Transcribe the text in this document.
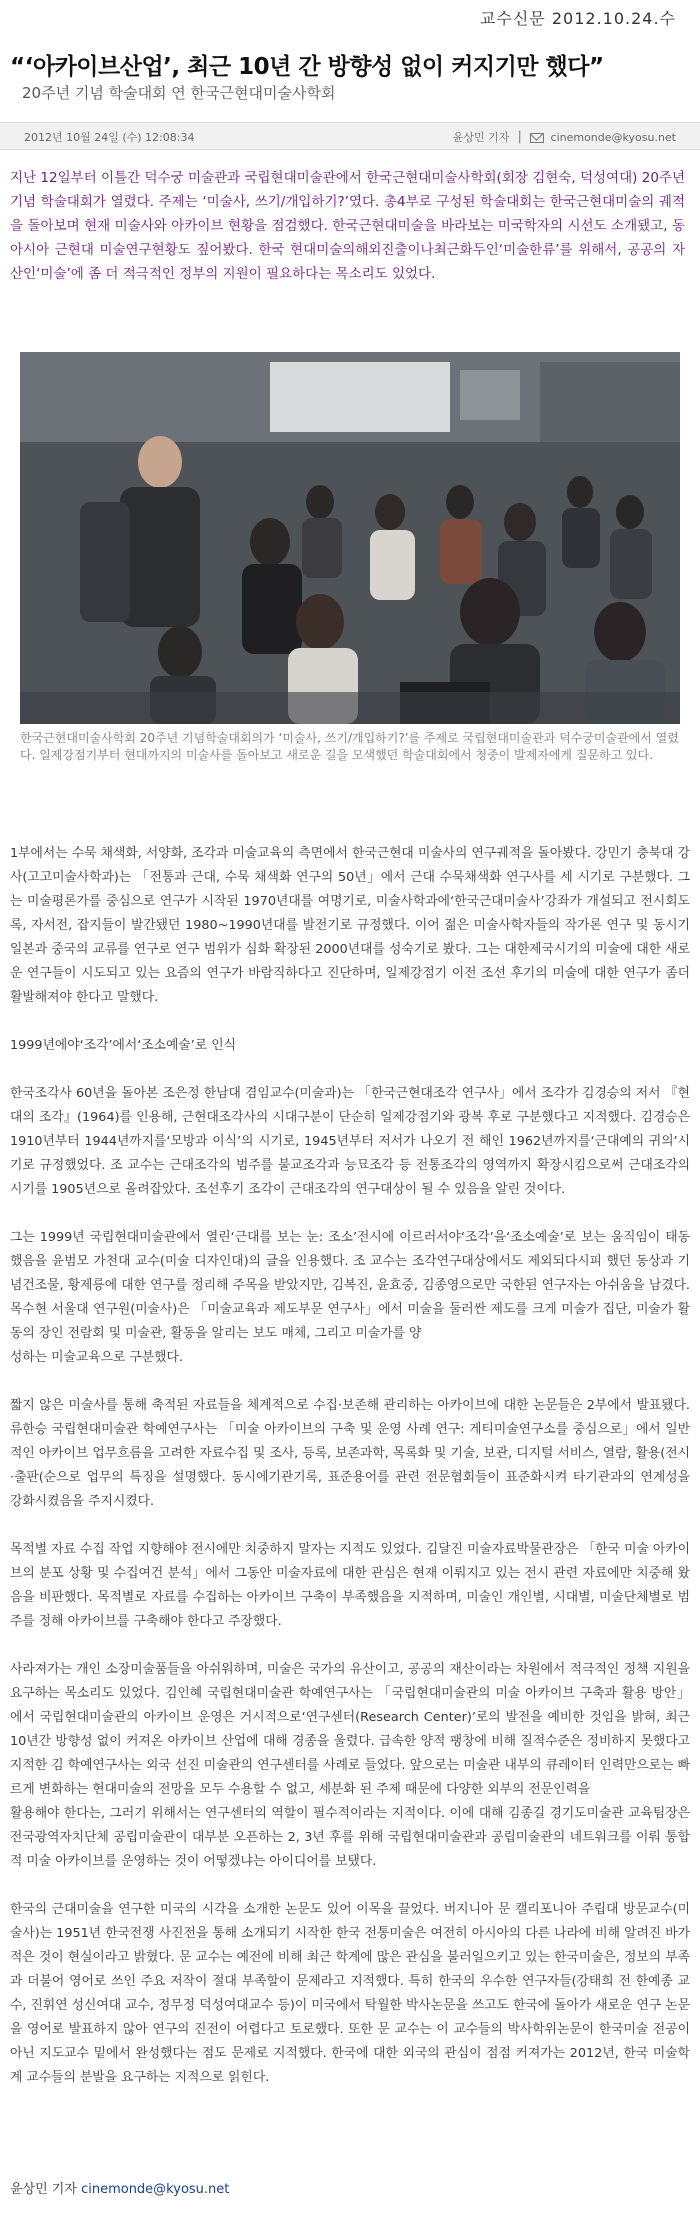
교수신문 2012.10.24.수
“‘아카이브산업’, 최근 10년 간 방향성 없이 커지기만 했다”
20주년 기념 학술대회 연 한국근현대미술사학회
2012년 10월 24일 (수) 12:08:34	윤상민 기자  │   cinemonde@kyosu.net
지난 12일부터 이틀간 덕수궁 미술관과 국립현대미술관에서 한국근현대미술사학회(회장 김현숙, 덕성여대) 20주년 기념 학술대회가 열렸다. 주제는 ‘미술사, 쓰기/개입하기?’였다. 총4부로 구성된 학술대회는 한국근현대미술의 궤적을 돌아보며 현재 미술사와 아카이브 현황을 점검했다. 한국근현대미술을 바라보는 미국학자의 시선도 소개됐고, 동아시아 근현대 미술연구현황도 짚어봤다. 한국 현대미술의해외진출이나최근화두인‘미술한류’를 위해서, 공공의 자산인‘미술’에 좀 더 적극적인 정부의 지원이 필요하다는 목소리도 있었다.
한국근현대미술사학회 20주년 기념학술대회의가 ‘미술사, 쓰기/개입하기?’를 주제로 국립현대미술관과 덕수궁미술관에서 열렸다. 일제강점기부터 현대까지의 미술사를 돌아보고 새로운 길을 모색했던 학술대회에서 청중이 발제자에게 질문하고 있다.

1부에서는 수묵 채색화, 서양화, 조각과 미술교육의 측면에서 한국근현대 미술사의 연구궤적을 돌아봤다. 강민기 충북대 강사(고고미술사학과)는 「전통과 근대, 수묵 채색화 연구의 50년」에서 근대 수묵채색화 연구사를 세 시기로 구분했다. 그는 미술평론가를 중심으로 연구가 시작된 1970년대를 여명기로, 미술사학과에‘한국근대미술사’강좌가 개설되고 전시회도록, 자서전, 잡지들이 발간됐던 1980~1990년대를 발전기로 규정했다. 이어 젊은 미술사학자들의 작가론 연구 및 동시기 일본과 중국의 교류를 연구로 연구 범위가 심화 확장된 2000년대를 성숙기로 봤다. 그는 대한제국시기의 미술에 대한 새로운 연구들이 시도되고 있는 요즘의 연구가 바람직하다고 진단하며, 일제강점기 이전 조선 후기의 미술에 대한 연구가 좀더 활발해져야 한다고 말했다.

1999년에야‘조각’에서‘조소예술’로 인식

한국조각사 60년을 돌아본 조은정 한남대 겸임교수(미술과)는 「한국근현대조각 연구사」에서 조각가 김경승의 저서 『현대의 조각』(1964)를 인용해, 근현대조각사의 시대구분이 단순히 일제강점기와 광복 후로 구분했다고 지적했다. 김경승은 1910년부터 1944년까지를‘모방과 이식’의 시기로, 1945년부터 저서가 나오기 전 해인 1962년까지를‘근대예의 귀의’시기로 규정했었다. 조 교수는 근대조각의 범주를 불교조각과 능묘조각 등 전통조각의 영역까지 확장시킴으로써 근대조각의 시기를 1905년으로 올려잡았다. 조선후기 조각이 근대조각의 연구대상이 될 수 있음을 알린 것이다.

그는 1999년 국립현대미술관에서 열린‘근대를 보는 눈: 조소’전시에 이르러서야‘조각’을‘조소예술’로 보는 움직임이 태동했음을 윤범모 가천대 교수(미술 디자인대)의 글을 인용했다. 조 교수는 조각연구대상에서도 제외되다시피 했던 동상과 기념건조물, 황제릉에 대한 연구를 정리해 주목을 받았지만, 김복진, 윤효중, 김종영으로만 국한된 연구자는 아쉬움을 남겼다. 목수현 서울대 연구원(미술사)은 「미술교육과 제도부문 연구사」에서 미술을 둘러싼 제도를 크게 미술가 집단, 미술가 활동의 장인 전람회 및 미술관, 활동을 알리는 보도 매체, 그리고 미술가를 양
성하는 미술교육으로 구분했다.

짧지 않은 미술사를 통해 축적된 자료들을 체계적으로 수집·보존해 관리하는 아카이브에 대한 논문들은 2부에서 발표됐다. 류한승 국립현대미술관 학예연구사는 「미술 아카이브의 구축 및 운영 사례 연구: 게티미술연구소를 중심으로」에서 일반적인 아카이브 업무흐름을 고려한 자료수집 및 조사, 등록, 보존과학, 목록화 및 기술, 보관, 디지털 서비스, 열람, 활용(전시·출판(순으로 업무의 특징을 설명했다. 동시에기관기록, 표준용어를 관련 전문협회들이 표준화시켜 타기관과의 연계성을 강화시켰음을 주지시켰다.

목적별 자료 수집 작업 지향해야 전시에만 치중하지 말자는 지적도 있었다. 김달진 미술자료박물관장은 「한국 미술 아카이브의 분포 상황 및 수집여건 분석」에서 그동안 미술자료에 대한 관심은 현재 이뤄지고 있는 전시 관련 자료에만 치중해 왔음을 비판했다. 목적별로 자료를 수집하는 아카이브 구축이 부족했음을 지적하며, 미술인 개인별, 시대별, 미술단체별로 범주를 정해 아카이브를 구축해야 한다고 주장했다.

사라져가는 개인 소장미술품들을 아쉬워하며, 미술은 국가의 유산이고, 공공의 재산이라는 차원에서 적극적인 정책 지원을 요구하는 목소리도 있었다. 김인혜 국립현대미술관 학예연구사는 「국립현대미술관의 미술 아카이브 구축과 활용 방안」에서 국립현대미술관의 아카이브 운영은 거시적으로‘연구센터(Research Center)’로의 발전을 예비한 것임을 밝혀, 최근 10년간 방향성 없이 커져온 아카이브 산업에 대해 경종을 울렸다. 급속한 양적 팽창에 비해 질적수준은 정비하지 못했다고 지적한 김 학예연구사는 외국 선진 미술관의 연구센터를 사례로 들었다. 앞으로는 미술관 내부의 큐레이터 인력만으로는 빠르게 변화하는 현대미술의 전망을 모두 수용할 수 없고, 세분화 된 주제 때문에 다양한 외부의 전문인력을
활용해야 한다는, 그러기 위해서는 연구센터의 역할이 필수적이라는 지적이다. 이에 대해 김종길 경기도미술관 교육팀장은 전국광역자치단체 공립미술관이 대부분 오픈하는 2, 3년 후를 위해 국립현대미술관과 공립미술관의 네트워크를 이뤄 통합적 미술 아카이브를 운영하는 것이 어떻겠냐는 아이디어를 보탰다.

한국의 근대미술을 연구한 미국의 시각을 소개한 논문도 있어 이목을 끌었다. 버지니아 문 캘리포니아 주립대 방문교수(미술사)는 1951년 한국전쟁 사진전을 통해 소개되기 시작한 한국 전통미술은 여전히 아시아의 다른 나라에 비해 알려진 바가 적은 것이 현실이라고 밝혔다. 문 교수는 예전에 비해 최근 학계에 많은 관심을 불러일으키고 있는 한국미술은, 정보의 부족과 더불어 영어로 쓰인 주요 저작이 절대 부족할이 문제라고 지적했다. 특히 한국의 우수한 연구자들(강태희 전 한예종 교수, 진휘연 성신여대 교수, 정무정 덕성여대교수 등)이 미국에서 탁월한 박사논문을 쓰고도 한국에 돌아가 새로운 연구 논문을 영어로 발표하지 않아 연구의 진전이 어렵다고 토로했다. 또한 문 교수는 이 교수들의 박사학위논문이 한국미술 전공이 아닌 지도교수 밑에서 완성했다는 점도 문제로 지적했다. 한국에 대한 외국의 관심이 점점 커져가는 2012년, 한국 미술학계 교수들의 분발을 요구하는 지적으로 읽힌다.

윤상민 기자 cinemonde@kyosu.net
